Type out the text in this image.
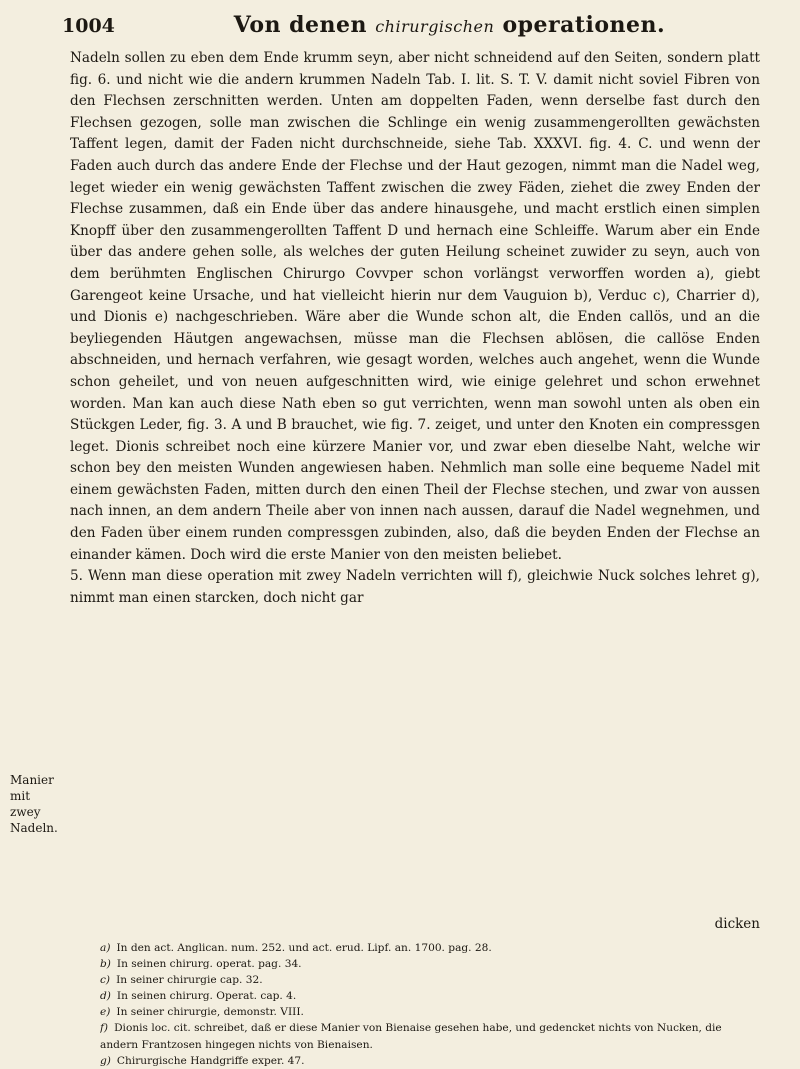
1004	Von denen chirurgischen operationen.

Nadeln sollen zu eben dem Ende krumm seyn, aber nicht schneidend auf den Seiten, sondern platt fig. 6. und nicht wie die andern krummen Nadeln Tab. I. lit. S. T. V. damit nicht soviel Fibren von den Flechsen zerschnitten werden. Unten am doppelten Faden, wenn derselbe fast durch den Flechsen gezogen, solle man zwischen die Schlinge ein wenig zusammengerollten gewächsten Taffent legen, damit der Faden nicht durchschneide, siehe Tab. XXXVI. fig. 4. C. und wenn der Faden auch durch das andere Ende der Flechse und der Haut gezogen, nimmt man die Nadel weg, leget wieder ein wenig gewächsten Taffent zwischen die zwey Fäden, ziehet die zwey Enden der Flechse zusammen, daß ein Ende über das andere hinausgehe, und macht erstlich einen simplen Knopff über den zusammengerollten Taffent D und hernach eine Schleiffe. Warum aber ein Ende über das andere gehen solle, als welches der guten Heilung scheinet zuwider zu seyn, auch von dem berühmten Englischen Chirurgo Covvper schon vorlängst verworffen worden a), giebt Garengeot keine Ursache, und hat vielleicht hierin nur dem Vauguion b), Verduc c), Charrier d), und Dionis e) nachgeschrieben. Wäre aber die Wunde schon alt, die Enden callös, und an die beyliegenden Häutgen angewachsen, müsse man die Flechsen ablösen, die callöse Enden abschneiden, und hernach verfahren, wie gesagt worden, welches auch angehet, wenn die Wunde schon geheilet, und von neuen aufgeschnitten wird, wie einige gelehret und schon erwehnet worden. Man kan auch diese Nath eben so gut verrichten, wenn man sowohl unten als oben ein Stückgen Leder, fig. 3. A und B brauchet, wie fig. 7. zeiget, und unter den Knoten ein compressgen leget. Dionis schreibet noch eine kürzere Manier vor, und zwar eben dieselbe Naht, welche wir schon bey den meisten Wunden angewiesen haben. Nehmlich man solle eine bequeme Nadel mit einem gewächsten Faden, mitten durch den einen Theil der Flechse stechen, und zwar von aussen nach innen, an dem andern Theile aber von innen nach aussen, darauf die Nadel wegnehmen, und den Faden über einem runden compressgen zubinden, also, daß die beyden Enden der Flechse an einander kämen. Doch wird die erste Manier von den meisten beliebet.

5. Wenn man diese operation mit zwey Nadeln verrichten will f), gleichwie Nuck solches lehret g), nimmt man einen starcken, doch nicht gar

Manier mit zwey Nadeln.
dicken
a) In den act. Anglican. num. 252. und act. erud. Lipf. an. 1700. pag. 28.
b) In seinen chirurg. operat. pag. 34.
c) In seiner chirurgie cap. 32.
d) In seinen chirurg. Operat. cap. 4.
e) In seiner chirurgie, demonstr. VIII.
f) Dionis loc. cit. schreibet, daß er diese Manier von Bienaise gesehen habe, und gedencket nichts von Nucken, die andern Frantzosen hingegen nichts von Bienaisen.
g) Chirurgische Handgriffe exper. 47.
